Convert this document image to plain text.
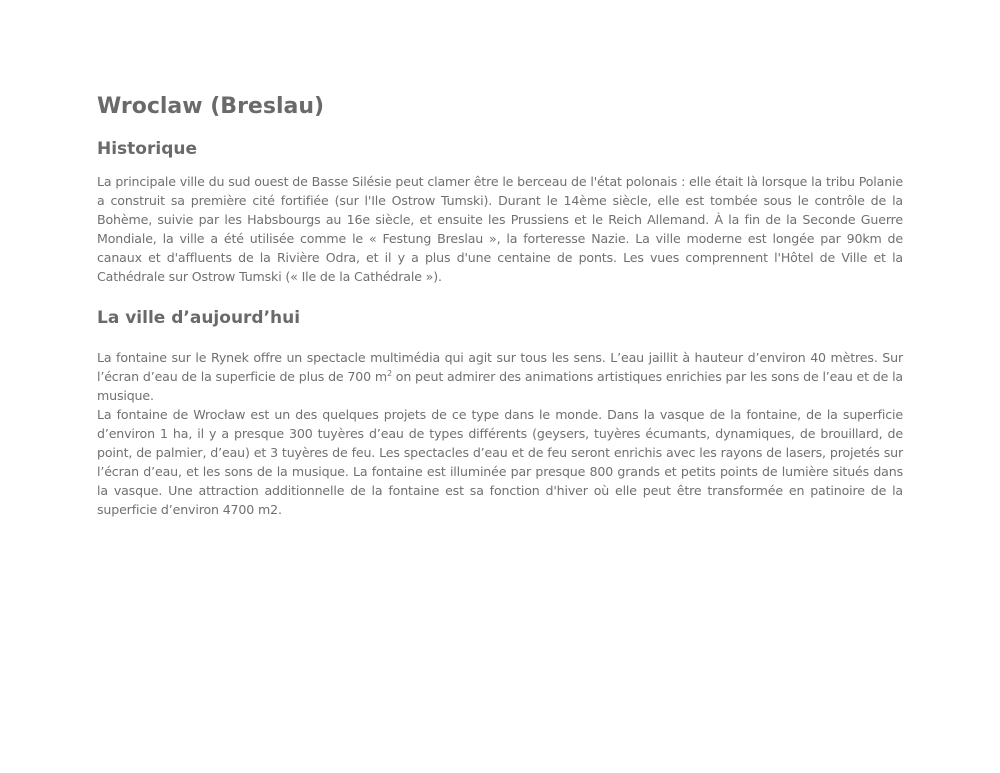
Wroclaw (Breslau)
Historique

La principale ville du sud ouest de Basse Silésie peut clamer être le berceau de l'état polonais : elle était là lorsque la tribu Polanie a construit sa première cité fortifiée (sur l'Ile Ostrow Tumski). Durant le 14ème siècle, elle est tombée sous le contrôle de la Bohème, suivie par les Habsbourgs au 16e siècle, et ensuite les Prussiens et le Reich Allemand. À la fin de la Seconde Guerre Mondiale, la ville a été utilisée comme le « Festung Breslau », la forteresse Nazie. La ville moderne est longée par 90km de canaux et d'affluents de la Rivière Odra, et il y a plus d'une centaine de ponts. Les vues comprennent l'Hôtel de Ville et la Cathédrale sur Ostrow Tumski (« Ile de la Cathédrale »).

La ville d’aujourd’hui

La fontaine sur le Rynek offre un spectacle multimédia qui agit sur tous les sens. L’eau jaillit à hauteur d’environ 40 mètres. Sur l’écran d’eau de la superficie de plus de 700 $m^2$ on peut admirer des animations artistiques enrichies par les sons de l’eau et de la musique.

La fontaine de Wrocław est un des quelques projets de ce type dans le monde. Dans la vasque de la fontaine, de la superficie d’environ 1 ha, il y a presque 300 tuyères d’eau de types différents (geysers, tuyères écumants, dynamiques, de brouillard, de point, de palmier, d’eau) et 3 tuyères de feu. Les spectacles d’eau et de feu seront enrichis avec les rayons de lasers, projetés sur l’écran d’eau, et les sons de la musique. La fontaine est illuminée par presque 800 grands et petits points de lumière situés dans la vasque. Une attraction additionnelle de la fontaine est sa fonction d'hiver où elle peut être transformée en patinoire de la superficie d’environ 4700 m2.
